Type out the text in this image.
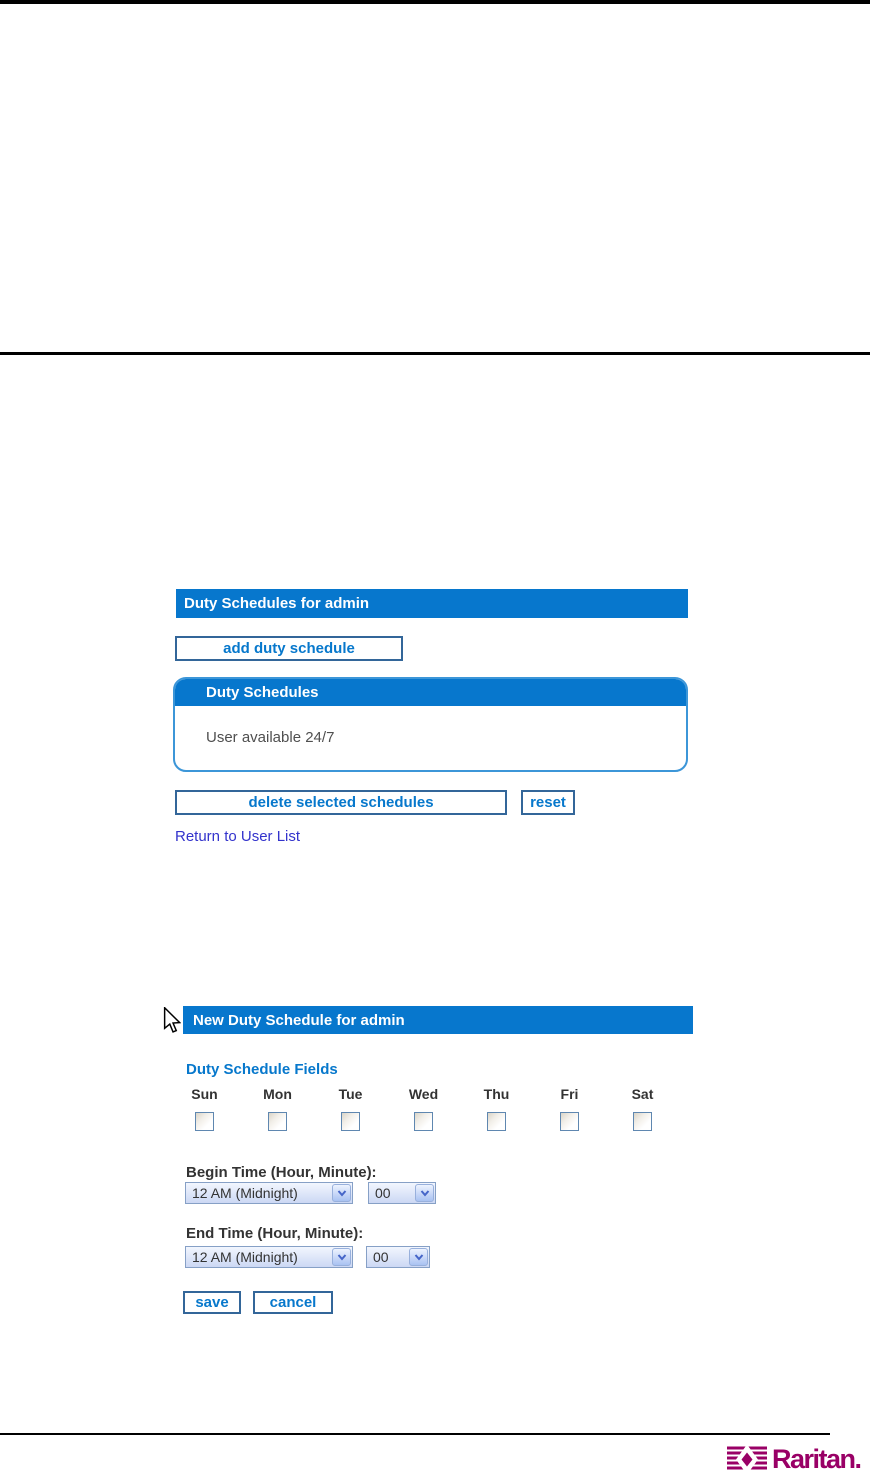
Duty Schedules for admin
add duty schedule
Duty Schedules
User available 24/7
delete selected schedules	reset
Return to User List
New Duty Schedule for admin
Duty Schedule Fields
Sun	Mon	Tue	Wed	Thu	Fri	Sat
Begin Time (Hour, Minute):
12 AM (Midnight)	00
End Time (Hour, Minute):
12 AM (Midnight)	00
save	cancel
Raritan.
